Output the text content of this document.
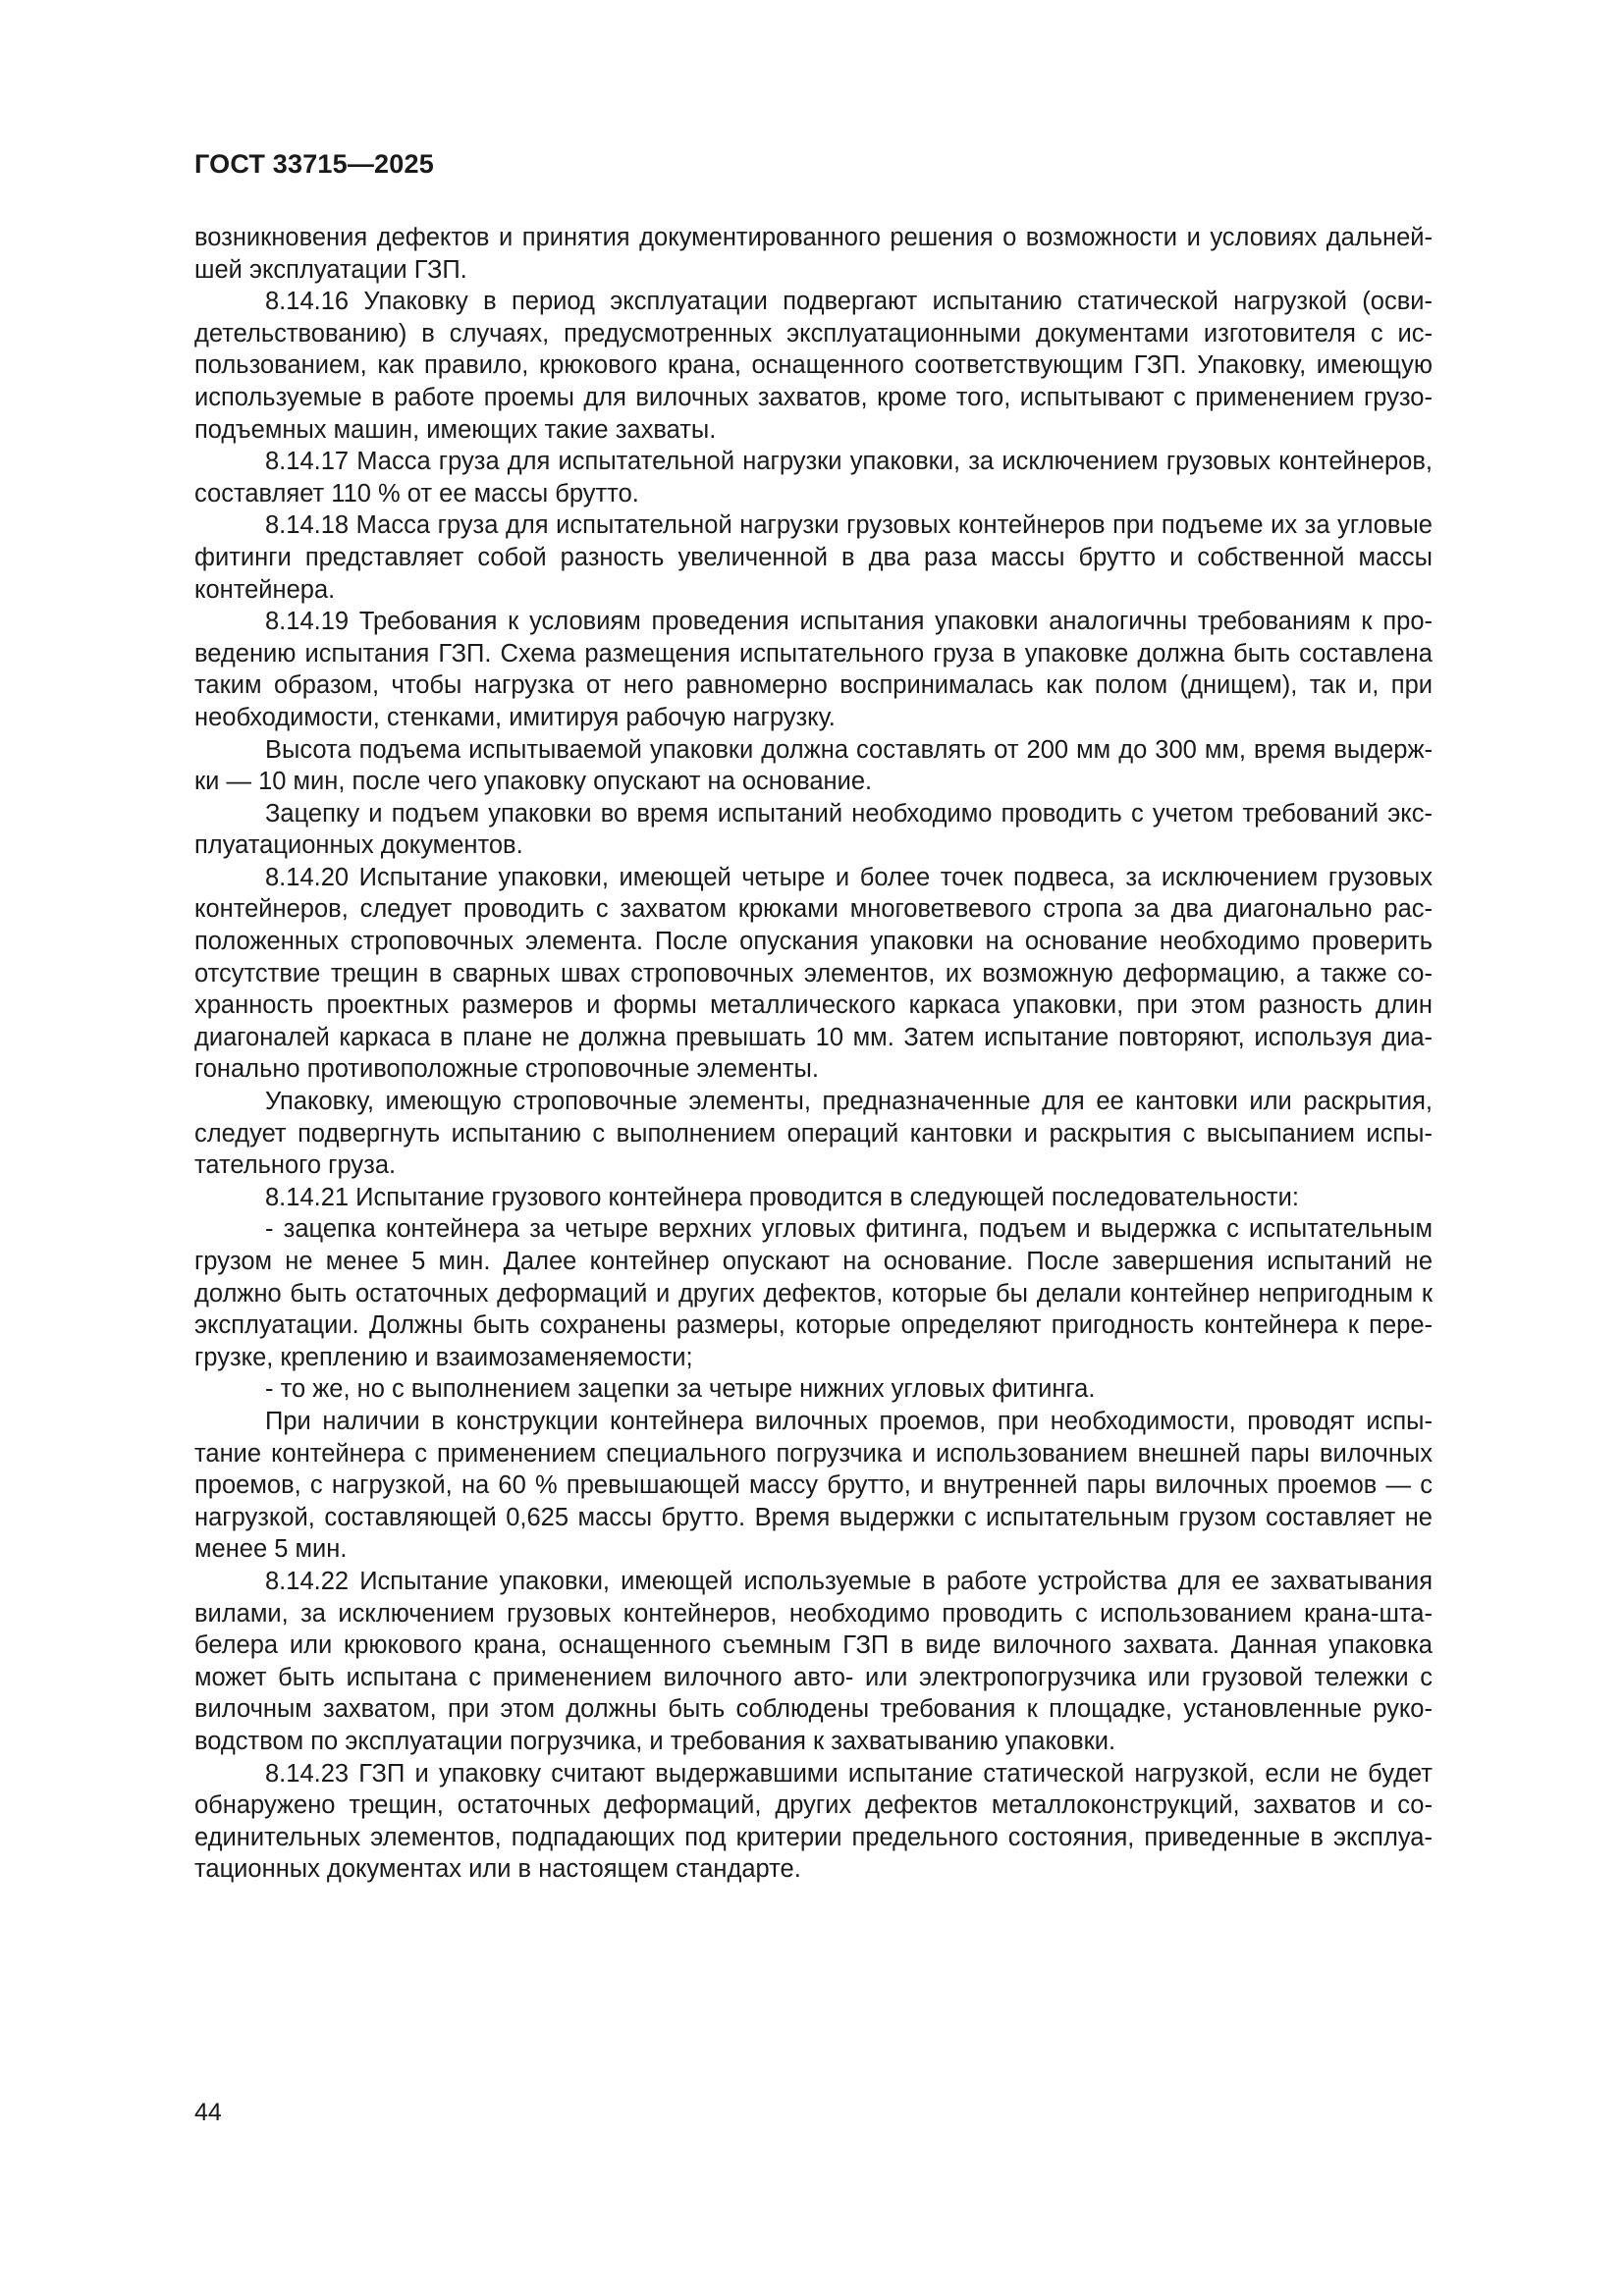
ГОСТ 33715—2025

возникновения дефектов и принятия документированного решения о возможности и условиях дальнейшей эксплуатации ГЗП.

8.14.16 Упаковку в период эксплуатации подвергают испытанию статической нагрузкой (освидетельствованию) в случаях, предусмотренных эксплуатационными документами изготовителя с использованием, как правило, крюкового крана, оснащенного соответствующим ГЗП. Упаковку, имеющую используемые в работе проемы для вилочных захватов, кроме того, испытывают с применением грузоподъемных машин, имеющих такие захваты.

8.14.17 Масса груза для испытательной нагрузки упаковки, за исключением грузовых контейнеров, составляет 110 % от ее массы брутто.

8.14.18 Масса груза для испытательной нагрузки грузовых контейнеров при подъеме их за угловые фитинги представляет собой разность увеличенной в два раза массы брутто и собственной массы контейнера.

8.14.19 Требования к условиям проведения испытания упаковки аналогичны требованиям к проведению испытания ГЗП. Схема размещения испытательного груза в упаковке должна быть составлена таким образом, чтобы нагрузка от него равномерно воспринималась как полом (днищем), так и, при необходимости, стенками, имитируя рабочую нагрузку.

Высота подъема испытываемой упаковки должна составлять от 200 мм до 300 мм, время выдержки — 10 мин, после чего упаковку опускают на основание.

Зацепку и подъем упаковки во время испытаний необходимо проводить с учетом требований эксплуатационных документов.

8.14.20 Испытание упаковки, имеющей четыре и более точек подвеса, за исключением грузовых контейнеров, следует проводить с захватом крюками многоветвевого стропа за два диагонально расположенных строповочных элемента. После опускания упаковки на основание необходимо проверить отсутствие трещин в сварных швах строповочных элементов, их возможную деформацию, а также сохранность проектных размеров и формы металлического каркаса упаковки, при этом разность длин диагоналей каркаса в плане не должна превышать 10 мм. Затем испытание повторяют, используя диагонально противоположные строповочные элементы.

Упаковку, имеющую строповочные элементы, предназначенные для ее кантовки или раскрытия, следует подвергнуть испытанию с выполнением операций кантовки и раскрытия с высыпанием испытательного груза.

8.14.21 Испытание грузового контейнера проводится в следующей последовательности:

- зацепка контейнера за четыре верхних угловых фитинга, подъем и выдержка с испытательным грузом не менее 5 мин. Далее контейнер опускают на основание. После завершения испытаний не должно быть остаточных деформаций и других дефектов, которые бы делали контейнер непригодным к эксплуатации. Должны быть сохранены размеры, которые определяют пригодность контейнера к перегрузке, креплению и взаимозаменяемости;

- то же, но с выполнением зацепки за четыре нижних угловых фитинга.

При наличии в конструкции контейнера вилочных проемов, при необходимости, проводят испытание контейнера с применением специального погрузчика и использованием внешней пары вилочных проемов, с нагрузкой, на 60 % превышающей массу брутто, и внутренней пары вилочных проемов — с нагрузкой, составляющей 0,625 массы брутто. Время выдержки с испытательным грузом составляет не менее 5 мин.

8.14.22 Испытание упаковки, имеющей используемые в работе устройства для ее захватывания вилами, за исключением грузовых контейнеров, необходимо проводить с использованием крана-штабелера или крюкового крана, оснащенного съемным ГЗП в виде вилочного захвата. Данная упаковка может быть испытана с применением вилочного авто- или электропогрузчика или грузовой тележки с вилочным захватом, при этом должны быть соблюдены требования к площадке, установленные руководством по эксплуатации погрузчика, и требования к захватыванию упаковки.

8.14.23 ГЗП и упаковку считают выдержавшими испытание статической нагрузкой, если не будет обнаружено трещин, остаточных деформаций, других дефектов металлоконструкций, захватов и соединительных элементов, подпадающих под критерии предельного состояния, приведенные в эксплуатационных документах или в настоящем стандарте.

44
